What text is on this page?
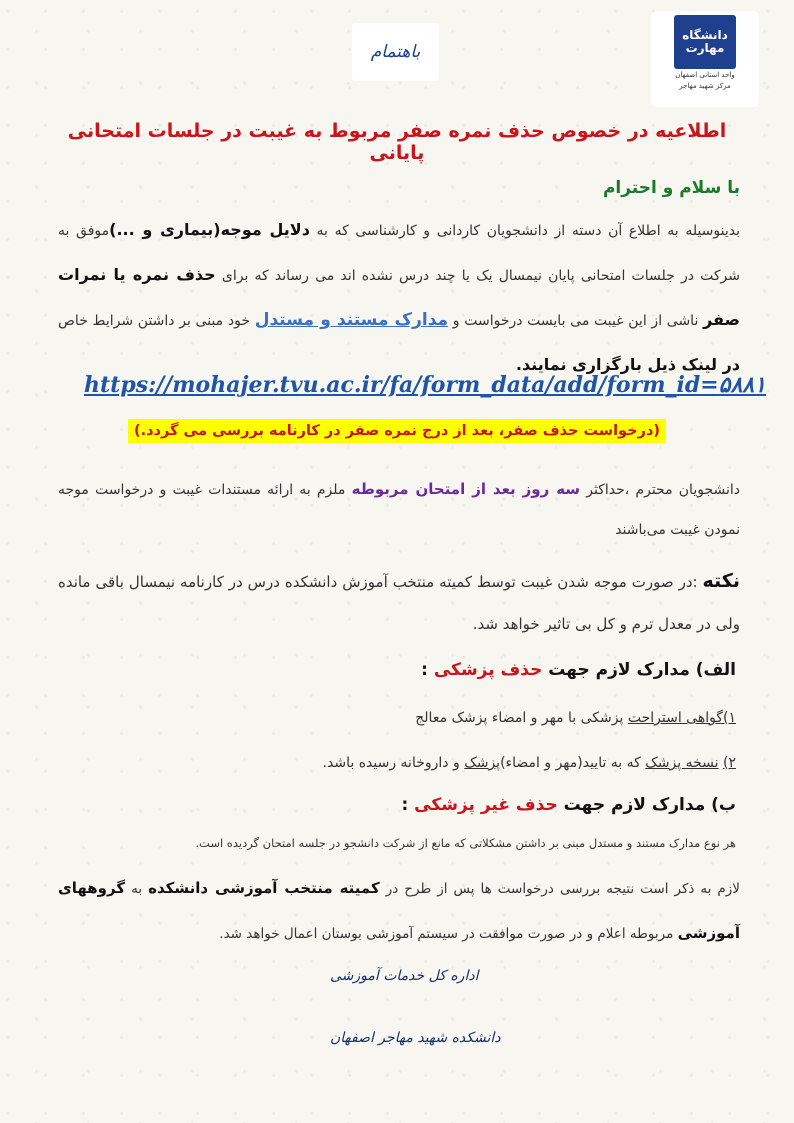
باهتمام
دانشگاه مهارت
واحد استانی اصفهان
مرکز شهید مهاجر
اطلاعیه در خصوص حذف نمره صفر مربوط به غیبت در جلسات امتحانی پایانی
با سلام و احترام
بدینوسیله به اطلاع آن دسته از دانشجویان کاردانی و کارشناسی که به دلایل موجه(بیماری و ...)موفق به شرکت در جلسات امتحانی پایان نیمسال یک یا چند درس نشده اند می رساند که برای حذف نمره یا نمرات صفر ناشی از این غیبت می بایست درخواست و مدارک مستند و مستدل خود مبنی بر داشتن شرایط خاص در لینک ذیل بارگزاری نمایند.
https://mohajer.tvu.ac.ir/fa/form_data/add/form_id=۵۸۸۱
(درخواست حذف صفر، بعد از درج نمره صفر در کارنامه بررسی می گردد.)
دانشجویان محترم ،حداکثر سه روز بعد از امتحان مربوطه ملزم به ارائه مستندات غیبت و درخواست موجه نمودن غیبت می‌باشند
نکته :در صورت موجه شدن غیبت توسط کمیته منتخب آموزش دانشکده درس در کارنامه نیمسال باقی مانده ولی در معدل ترم و کل بی تاثیر خواهد شد.
الف) مدارک لازم جهت حذف پزشکی :
۱)گواهی استراحت پزشکی با مهر و امضاء پزشک معالج
۲) نسخه پزشک که به تایید(مهر و امضاء)پزشک و داروخانه رسیده باشد.
ب) مدارک لازم جهت حذف غیر پزشکی :
هر نوع مدارک مستند و مستدل مبنی بر داشتن مشکلاتی که مانع از شرکت دانشجو در جلسه امتحان گردیده است.
لازم به ذکر است نتیجه بررسی درخواست ها پس از طرح در کمیته منتخب آموزشی دانشکده به گروههای آموزشی مربوطه اعلام و در صورت موافقت در سیستم آموزشی بوستان اعمال خواهد شد.
اداره کل خدمات آموزشی
دانشکده شهید مهاجر اصفهان
